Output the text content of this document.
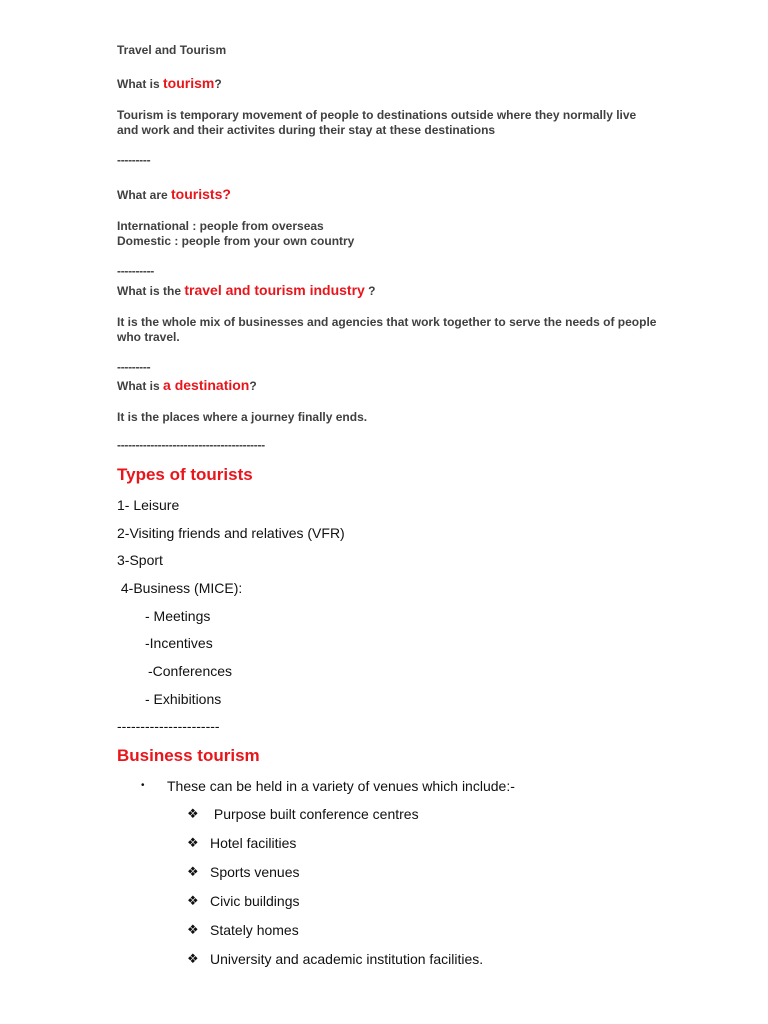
Travel and Tourism
What is tourism?
Tourism is temporary movement of people to destinations outside where they normally live and work and their activites during their stay at these destinations
---------
What are tourists?
International : people from overseas
Domestic : people from your own country
----------
What is the travel and tourism industry ?
It is the whole mix of businesses and agencies that work together to serve the needs of people who travel.
---------
What is a destination?
It is the places where a journey finally ends.
----------------------------------------
Types of tourists
1- Leisure
2-Visiting friends and relatives (VFR)
3-Sport
4-Business (MICE):
- Meetings
-Incentives
-Conferences
- Exhibitions
----------------------
Business tourism
• These can be held in a variety of venues which include:-
❖ Purpose built conference centres
❖ Hotel facilities
❖ Sports venues
❖ Civic buildings
❖ Stately homes
❖ University and academic institution facilities.
